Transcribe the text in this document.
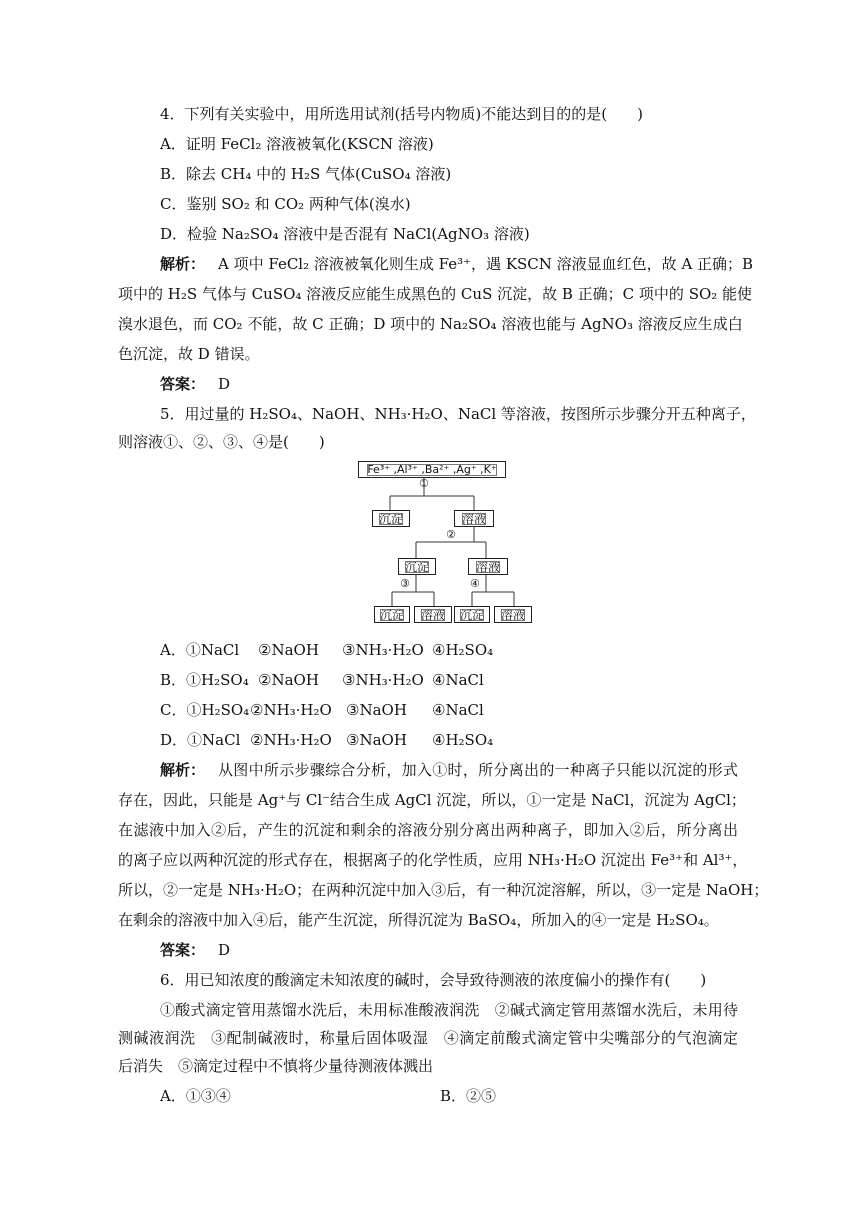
4．下列有关实验中，用所选用试剂(括号内物质)不能达到目的的是(　　)
A．证明 FeCl₂ 溶液被氧化(KSCN 溶液)
B．除去 CH₄ 中的 H₂S 气体(CuSO₄ 溶液)
C．鉴别 SO₂ 和 CO₂ 两种气体(溴水)
D．检验 Na₂SO₄ 溶液中是否混有 NaCl(AgNO₃ 溶液)
解析： A 项中 FeCl₂ 溶液被氧化则生成 Fe³⁺，遇 KSCN 溶液显血红色，故 A 正确；B
项中的 H₂S 气体与 CuSO₄ 溶液反应能生成黑色的 CuS 沉淀，故 B 正确；C 项中的 SO₂ 能使
溴水退色，而 CO₂ 不能，故 C 正确；D 项中的 Na₂SO₄ 溶液也能与 AgNO₃ 溶液反应生成白
色沉淀，故 D 错误。
答案： D
5．用过量的 H₂SO₄、NaOH、NH₃·H₂O、NaCl 等溶液，按图所示步骤分开五种离子，
则溶液①、②、③、④是(　　)
Fe³⁺ ,Al³⁺ ,Ba²⁺ ,Ag⁺ ,K⁺
①
沉淀	溶液
②
沉淀	溶液
③	④
沉淀	溶液	沉淀	溶液
A．①NaCl ②NaOH ③NH₃·H₂O ④H₂SO₄
B．①H₂SO₄ ②NaOH ③NH₃·H₂O ④NaCl
C．①H₂SO₄ ②NH₃·H₂O ③NaOH ④NaCl
D．①NaCl ②NH₃·H₂O ③NaOH ④H₂SO₄
解析： 从图中所示步骤综合分析，加入①时，所分离出的一种离子只能以沉淀的形式
存在，因此，只能是 Ag⁺与 Cl⁻结合生成 AgCl 沉淀，所以，①一定是 NaCl，沉淀为 AgCl；
在滤液中加入②后，产生的沉淀和剩余的溶液分别分离出两种离子，即加入②后，所分离出
的离子应以两种沉淀的形式存在，根据离子的化学性质，应用 NH₃·H₂O 沉淀出 Fe³⁺和 Al³⁺，
所以，②一定是 NH₃·H₂O；在两种沉淀中加入③后，有一种沉淀溶解，所以，③一定是 NaOH；
在剩余的溶液中加入④后，能产生沉淀，所得沉淀为 BaSO₄，所加入的④一定是 H₂SO₄。
答案： D
6．用已知浓度的酸滴定未知浓度的碱时，会导致待测液的浓度偏小的操作有(　　)
①酸式滴定管用蒸馏水洗后，未用标准酸液润洗　②碱式滴定管用蒸馏水洗后，未用待
测碱液润洗　③配制碱液时，称量后固体吸湿　④滴定前酸式滴定管中尖嘴部分的气泡滴定
后消失　⑤滴定过程中不慎将少量待测液体溅出
A．①③④	B．②⑤
